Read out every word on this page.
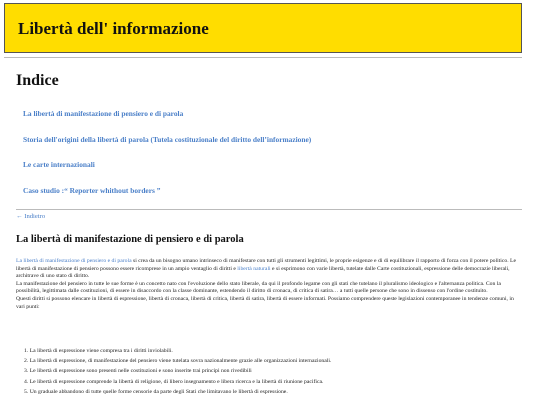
Libertà dell' informazione
Indice
La libertà di manifestazione di pensiero e di parola
Storia dell'origini della libertà di parola (Tutela costituzionale del diritto dell’informazione)
Le carte internazionali
Caso studio :“ Reporter whithout borders ”
← Indietro
La libertà di manifestazione di pensiero e di parola

La libertà di manifestazione di pensiero e di parola si crea da un bisogno umano intrinseco di manifestare con tutti gli strumenti legittimi, le proprie esigenze e di di equilibrare il rapporto di forza con il potere politico. Le libertà di manifestazione di pensiero possono essere ricomprese in un ampio ventaglio di diritti e libertà naturali e si esprimono con varie libertà, tutelate dalle Carte costituzionali, espressione delle democrazie liberali, architrave di uno stato di diritto.

La manifestazione del pensiero in tutte le sue forme è un concetto nato con l'evoluzione dello stato liberale, da qui il profondo legame con gli stati che tutelano il pluralismo ideologico e l'alternanza politica. Con la possibilità, legittimata dalle costituzioni, di essere in disaccordo con la classe dominante, estendendo il diritto di cronaca, di critica di satira… a tutti quelle persone che sono in dissenso con l'ordine costituito.

Questi diritti si possono elencare in libertà di espressione, libertà di cronaca, libertà di critica, libertà di satira, libertà di essere informati. Possiamo comprendere queste legislazioni contemporanee in tendenze comuni, in vari punti:

1. La libertà di espressione viene compresa tra i diritti inviolabili.
2. La libertà di espressione, di manifestazione del pensiero viene tutelata sovra nazionalmente grazie alle organizzazioni internazionali.
3. Le libertà di espressione sono presenti nelle costituzioni e sono inserite trai principi non rivedibili
4. Le libertà di espressione comprende la libertà di religione, di libero insegnamento e libera ricerca e la libertà di riunione pacifica.
5. Un graduale abbandono di tutte quelle forme censorie da parte degli Stati che limitavano le libertà di espressione.
